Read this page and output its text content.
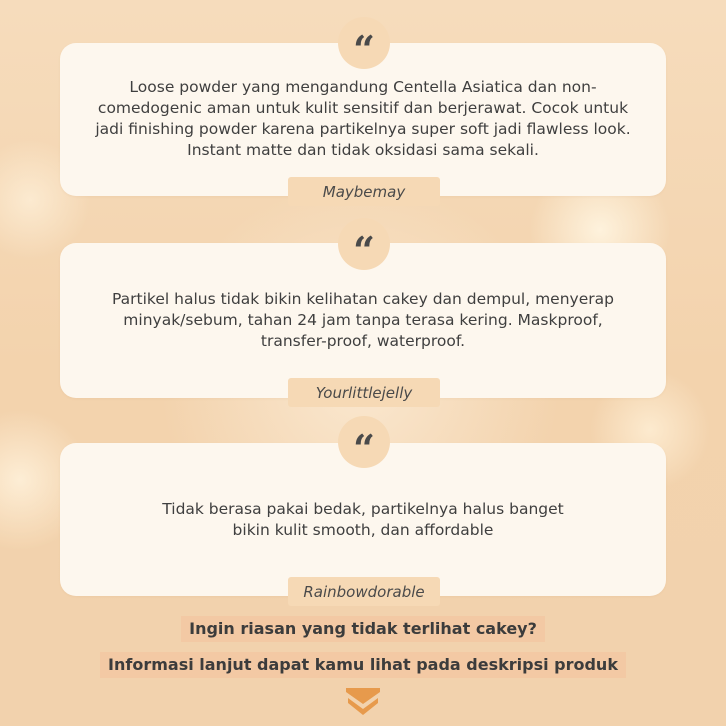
Loose powder yang mengandung Centella Asiatica dan non-comedogenic aman untuk kulit sensitif dan berjerawat. Cocok untuk jadi finishing powder karena partikelnya super soft jadi flawless look. Instant matte dan tidak oksidasi sama sekali.
“
Maybemay
Partikel halus tidak bikin kelihatan cakey dan dempul, menyerap minyak/sebum, tahan 24 jam tanpa terasa kering. Maskproof, transfer-proof, waterproof.
“
Yourlittlejelly
Tidak berasa pakai bedak, partikelnya halus banget bikin kulit smooth, dan affordable
“
Rainbowdorable
Ingin riasan yang tidak terlihat cakey?
Informasi lanjut dapat kamu lihat pada deskripsi produk
